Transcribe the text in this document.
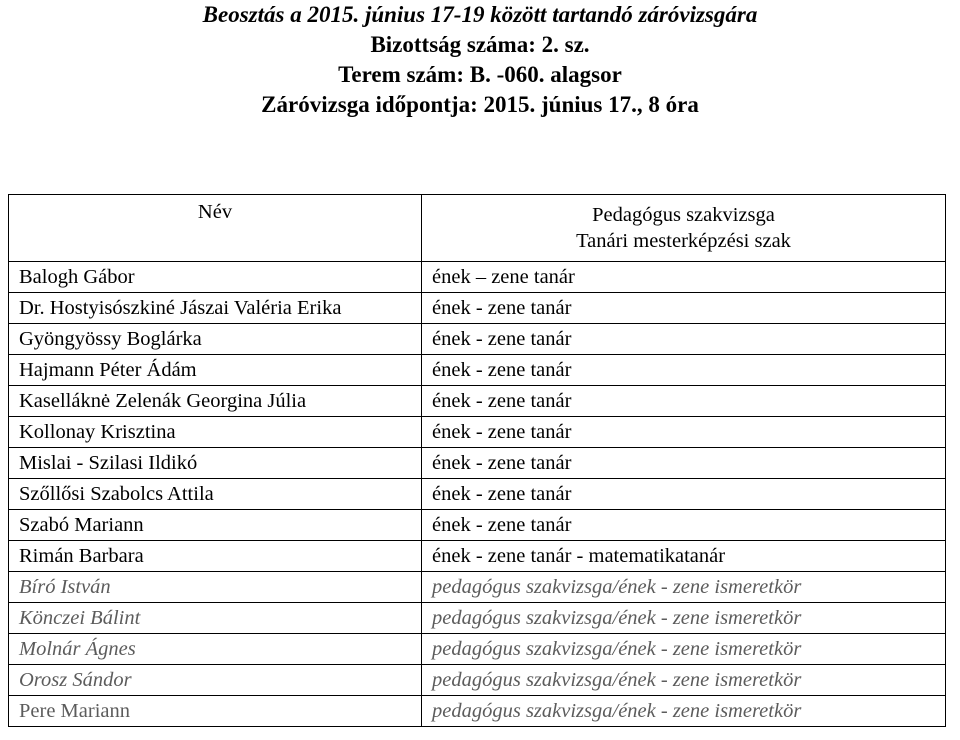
Beosztás a 2015. június 17-19 között tartandó záróvizsgára
Bizottság száma: 2. sz.
Terem szám: B. -060. alagsor
Záróvizsga időpontja: 2015. június 17., 8 óra
Név	Pedagógus szakvizsga
Tanári mesterképzési szak

Balogh Gábor	ének – zene tanár
Dr. Hostyisószkiné Jászai Valéria Erika	ének - zene tanár
Gyöngyössy Boglárka	ének - zene tanár
Hajmann Péter Ádám	ének - zene tanár
Kaselláknė Zelenák Georgina Júlia	ének - zene tanár
Kollonay Krisztina	ének - zene tanár
Mislai - Szilasi Ildikó	ének - zene tanár
Szőllősi Szabolcs Attila	ének - zene tanár
Szabó Mariann	ének - zene tanár
Rimán Barbara	ének - zene tanár - matematikatanár
Bíró István	pedagógus szakvizsga/ének - zene ismeretkör
Könczei Bálint	pedagógus szakvizsga/ének - zene ismeretkör
Molnár Ágnes	pedagógus szakvizsga/ének - zene ismeretkör
Orosz Sándor	pedagógus szakvizsga/ének - zene ismeretkör
Pere Mariann	pedagógus szakvizsga/ének - zene ismeretkör
